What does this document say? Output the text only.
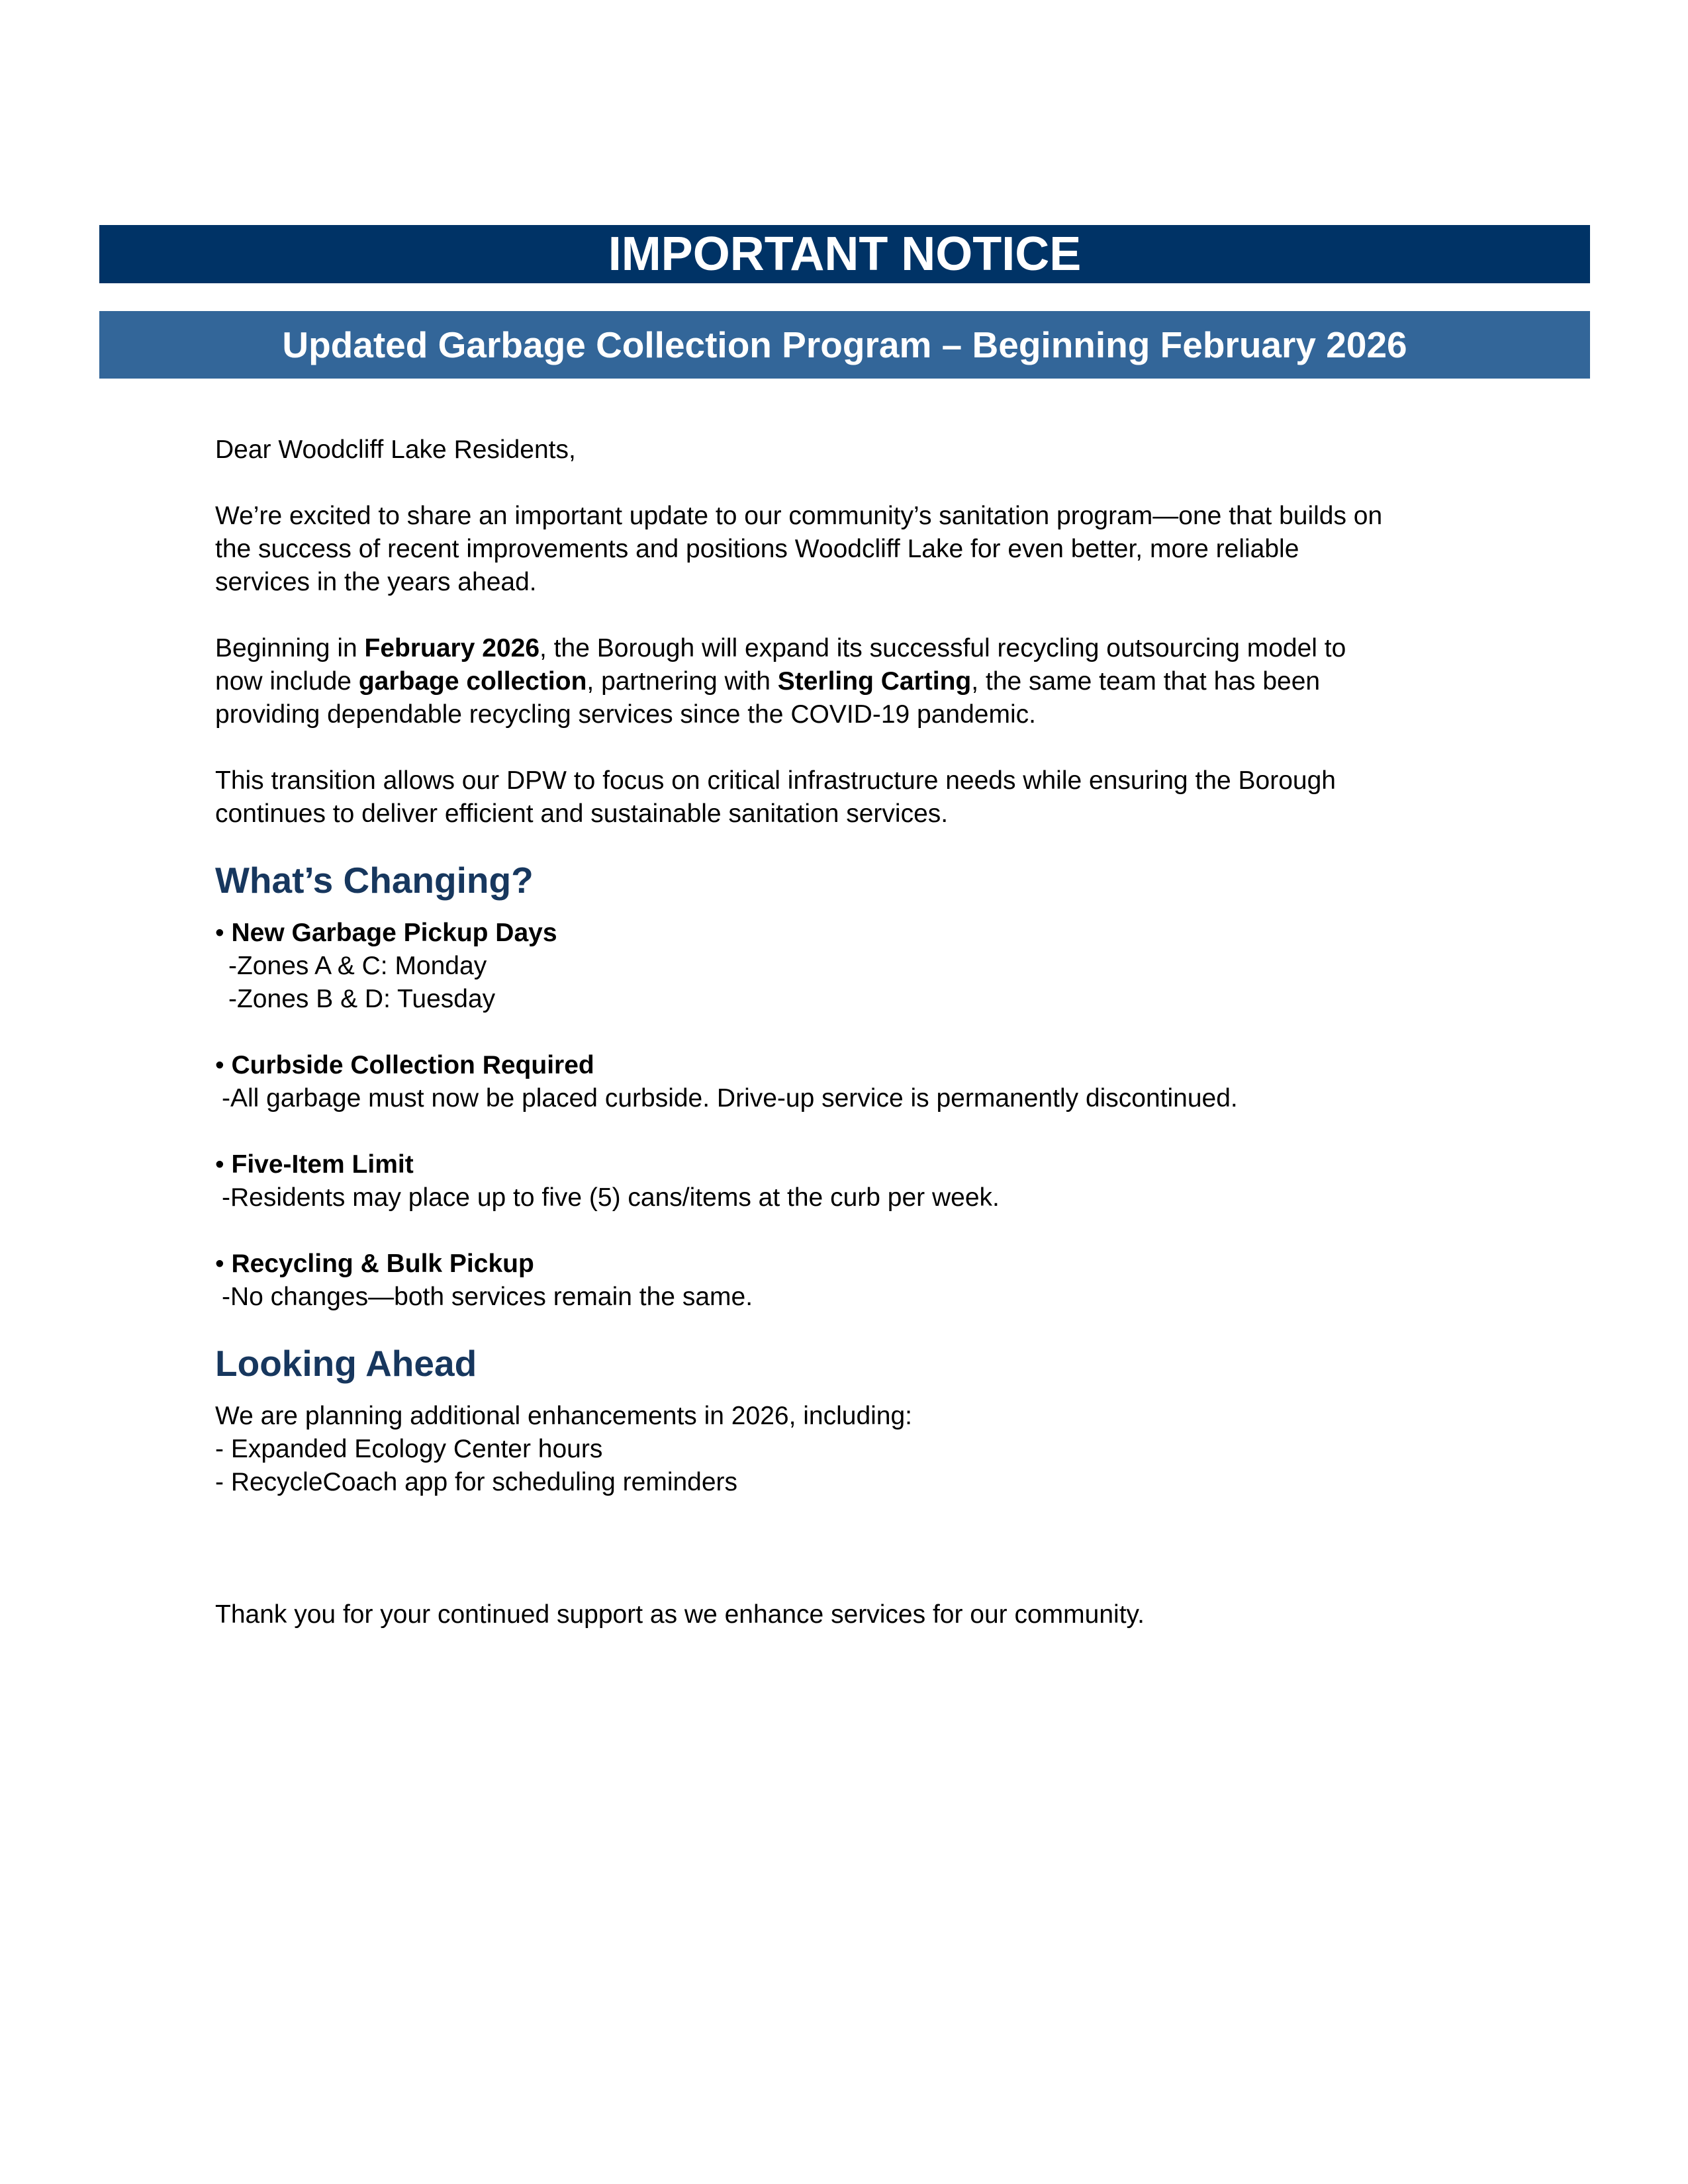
IMPORTANT NOTICE
Updated Garbage Collection Program – Beginning February 2026

Dear Woodcliff Lake Residents,

We’re excited to share an important update to our community’s sanitation program—one that builds on

the success of recent improvements and positions Woodcliff Lake for even better, more reliable

services in the years ahead.

Beginning in February 2026, the Borough will expand its successful recycling outsourcing model to

now include garbage collection, partnering with Sterling Carting, the same team that has been

providing dependable recycling services since the COVID-19 pandemic.

This transition allows our DPW to focus on critical infrastructure needs while ensuring the Borough

continues to deliver efficient and sustainable sanitation services.

What’s Changing?

• New Garbage Pickup Days

-Zones A & C: Monday

-Zones B & D: Tuesday

• Curbside Collection Required

-All garbage must now be placed curbside. Drive-up service is permanently discontinued.

• Five-Item Limit

-Residents may place up to five (5) cans/items at the curb per week.

• Recycling & Bulk Pickup

-No changes—both services remain the same.

Looking Ahead

We are planning additional enhancements in 2026, including:

- Expanded Ecology Center hours

- RecycleCoach app for scheduling reminders

Thank you for your continued support as we enhance services for our community.
